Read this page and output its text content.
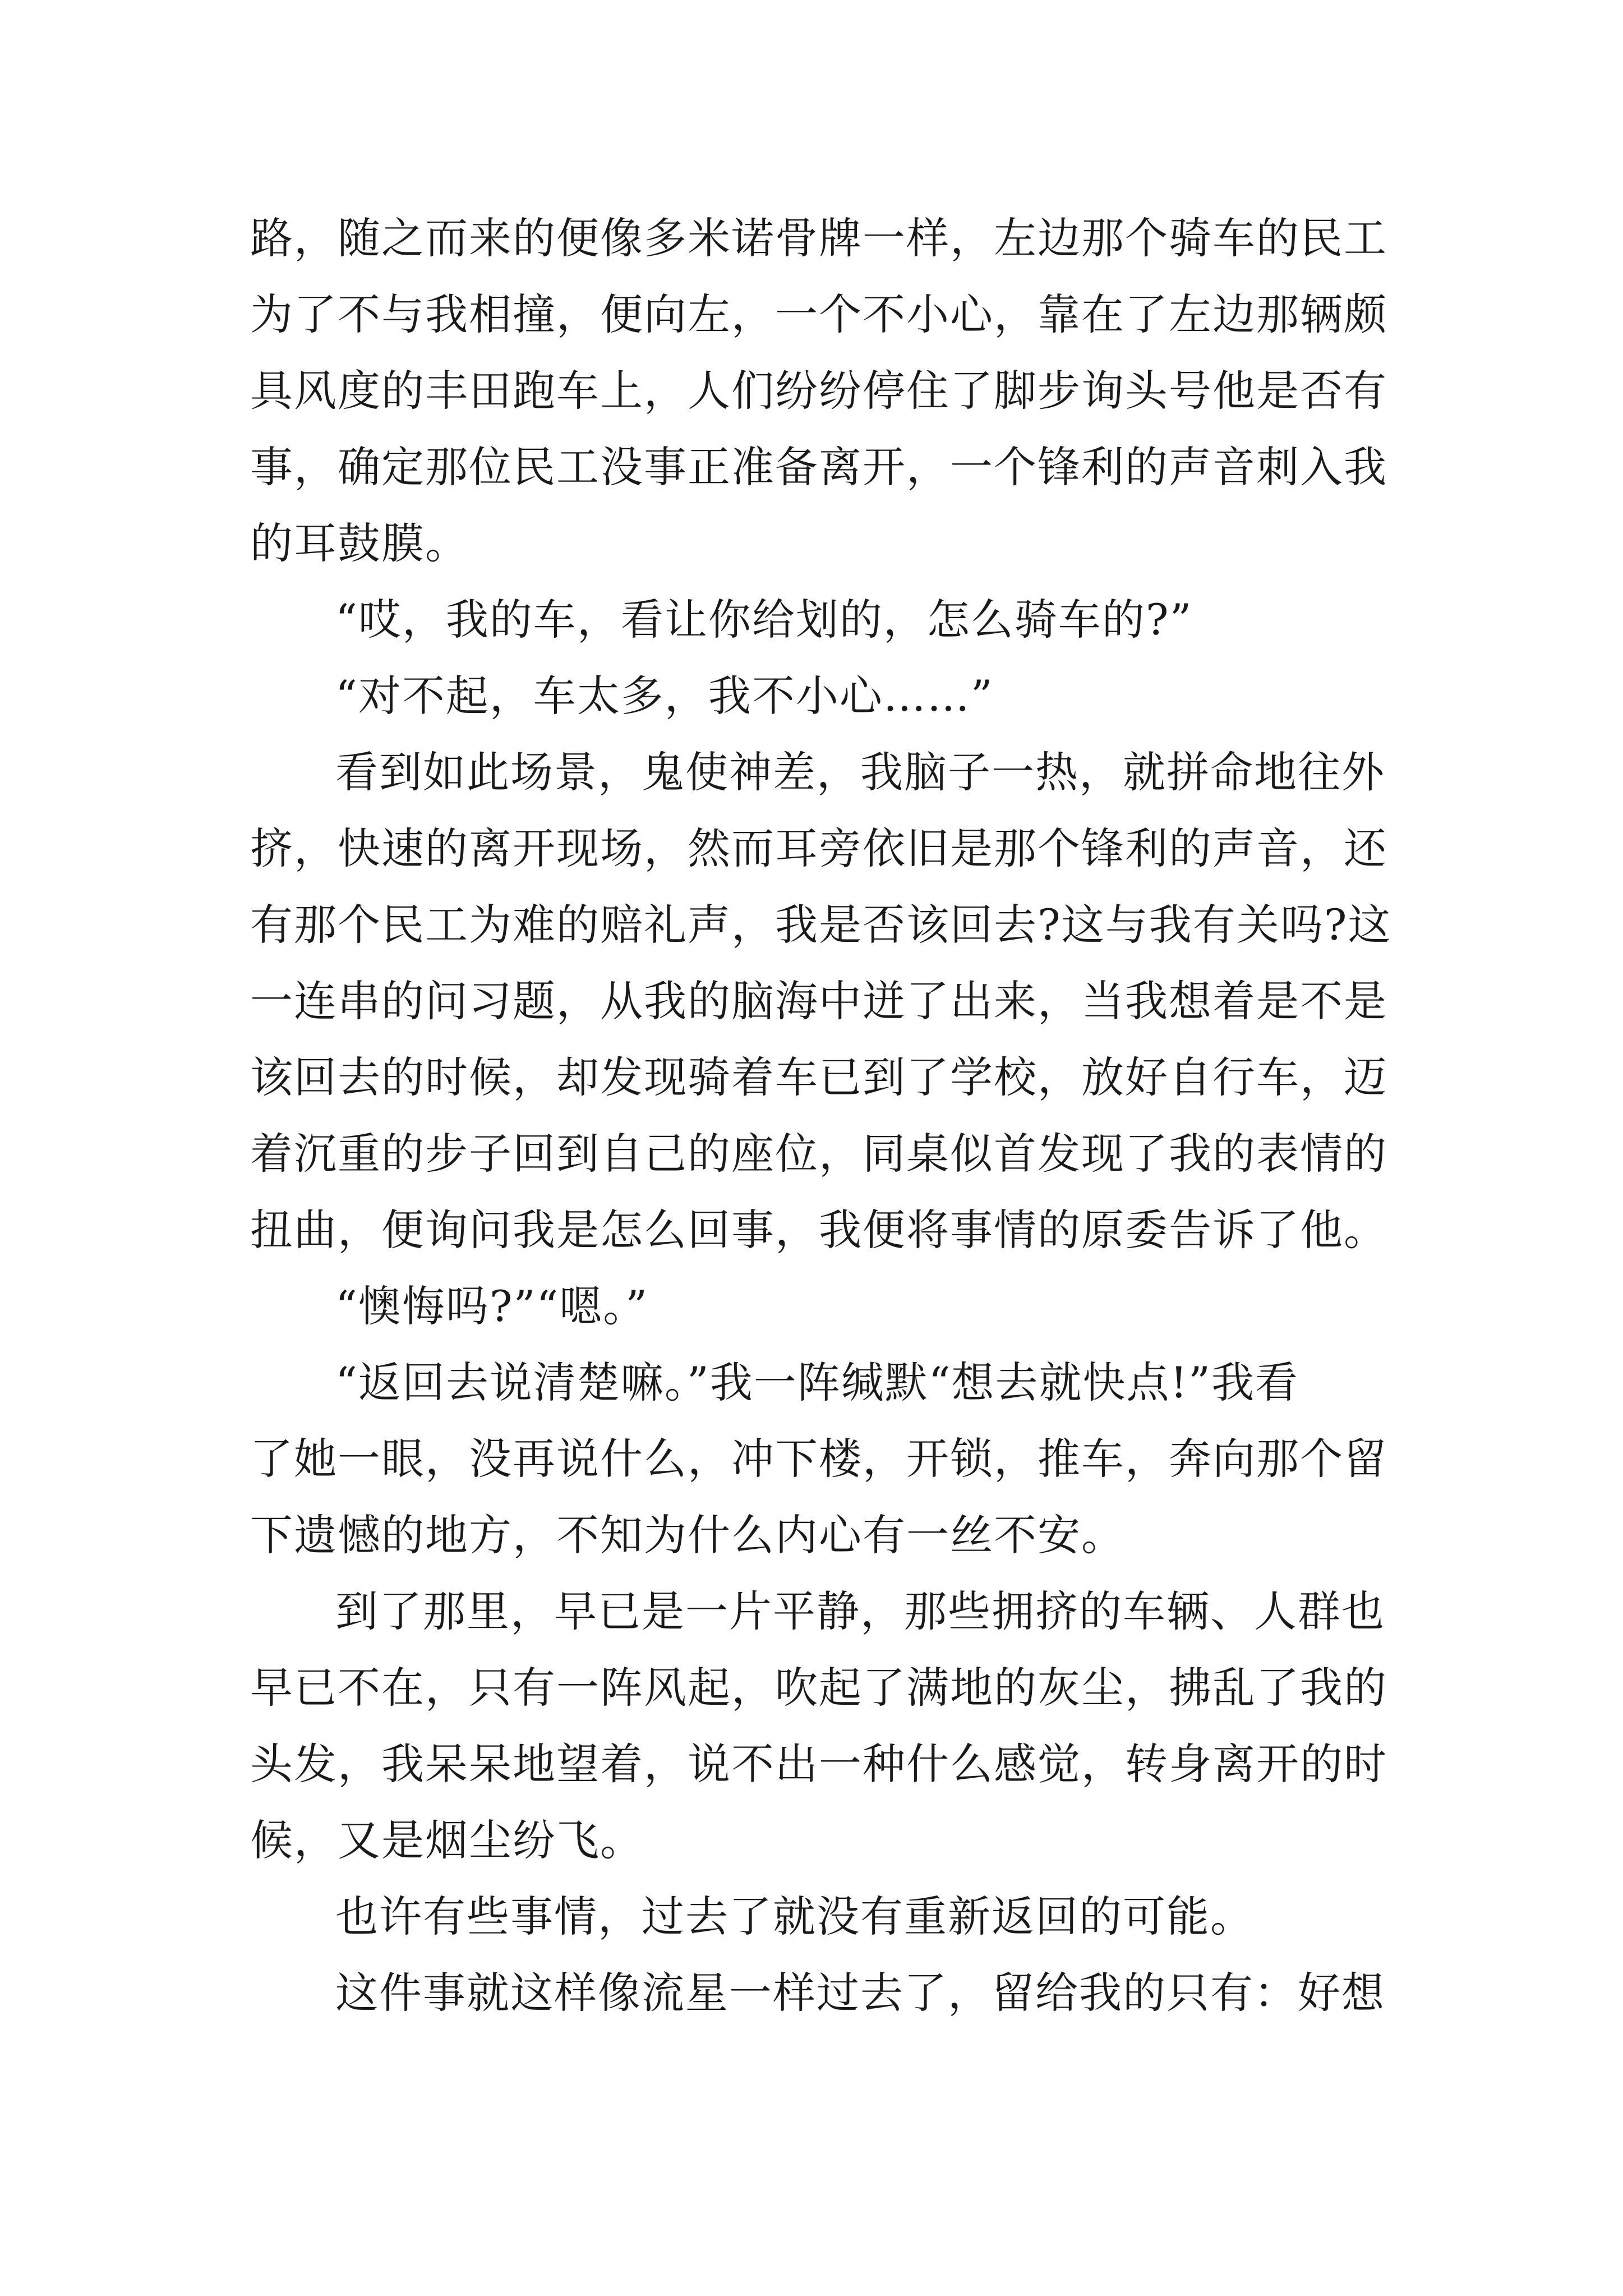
路，随之而来的便像多米诺骨牌一样，左边那个骑车的民工
为了不与我相撞，便向左，一个不小心，靠在了左边那辆颇
具风度的丰田跑车上，人们纷纷停住了脚步询头号他是否有
事，确定那位民工没事正准备离开，一个锋利的声音刺入我
的耳鼓膜。
“哎，我的车，看让你给划的，怎么骑车的?”
“对不起，车太多，我不小心……”
看到如此场景，鬼使神差，我脑子一热，就拼命地往外
挤，快速的离开现场，然而耳旁依旧是那个锋利的声音，还
有那个民工为难的赔礼声，我是否该回去?这与我有关吗?这
一连串的问习题，从我的脑海中迸了出来，当我想着是不是
该回去的时候，却发现骑着车已到了学校，放好自行车，迈
着沉重的步子回到自己的座位，同桌似首发现了我的表情的
扭曲，便询问我是怎么回事，我便将事情的原委告诉了他。
“懊悔吗?”“嗯。”
“返回去说清楚嘛。”我一阵缄默“想去就快点!”我看
了她一眼，没再说什么，冲下楼，开锁，推车，奔向那个留
下遗憾的地方，不知为什么内心有一丝不安。
到了那里，早已是一片平静，那些拥挤的车辆、人群也
早已不在，只有一阵风起，吹起了满地的灰尘，拂乱了我的
头发，我呆呆地望着，说不出一种什么感觉，转身离开的时
候，又是烟尘纷飞。
也许有些事情，过去了就没有重新返回的可能。
这件事就这样像流星一样过去了，留给我的只有：好想
